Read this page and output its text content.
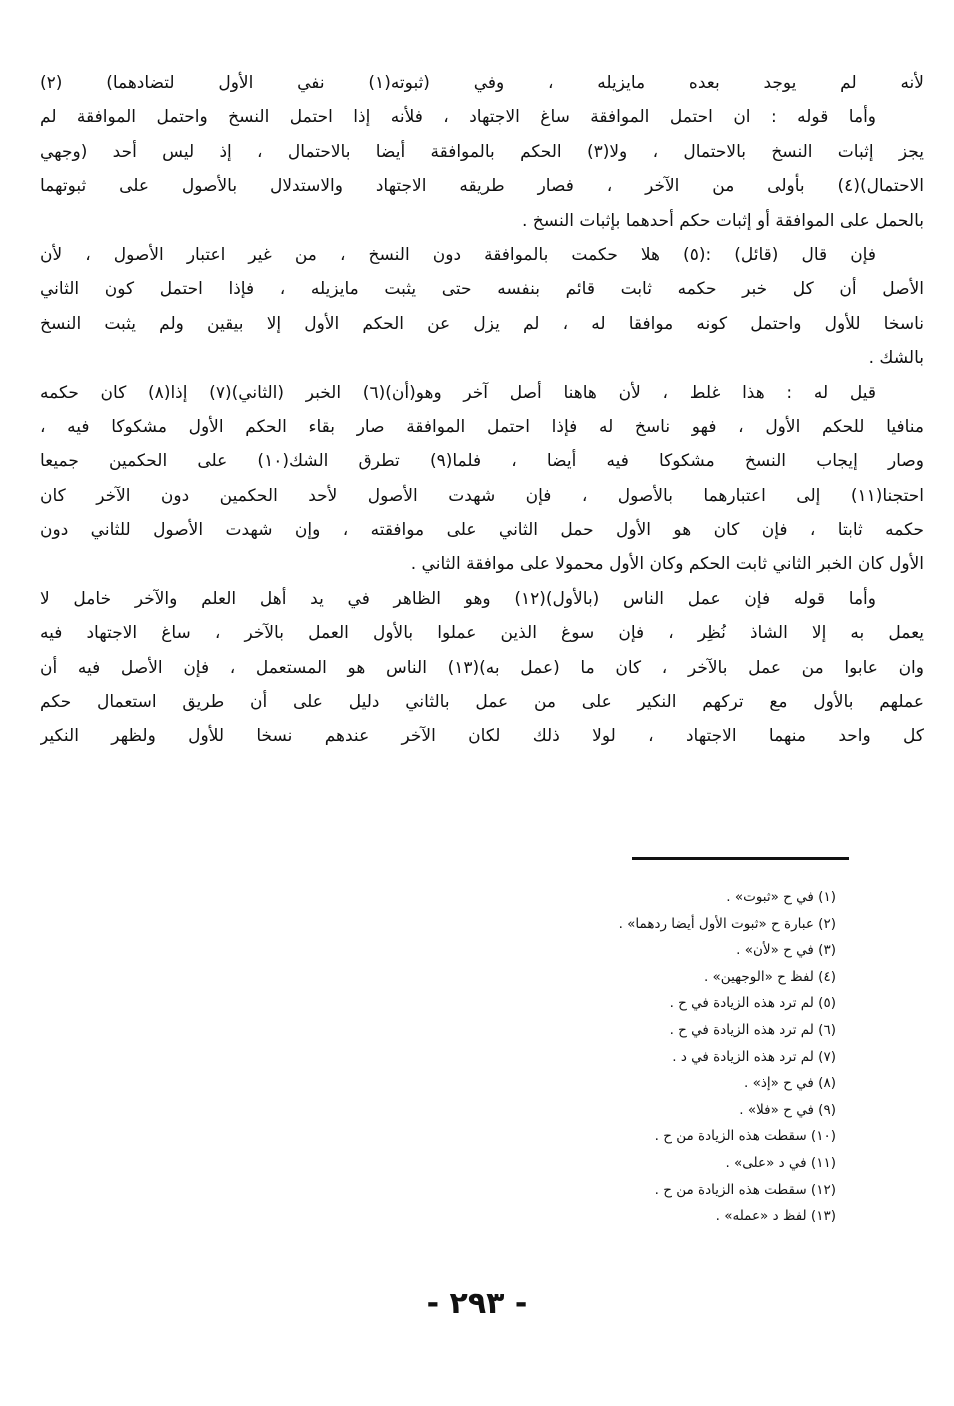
لأنه لم يوجد بعده مايزيله ، وفي (ثبوته(١) نفي الأول لتضادهما) (٢)
وأما قوله : ان احتمل الموافقة ساغ الاجتهاد ، فلأنه إذا احتمل النسخ واحتمل الموافقة لم
يجز إثبات النسخ بالاحتمال ، ولا(٣) الحكم بالموافقة أيضا بالاحتمال ، إذ ليس أحد (وجهي
الاحتمال)(٤) بأولى من الآخر ، فصار طريقه الاجتهاد والاستدلال بالأصول على ثبوتهما
بالحمل على الموافقة أو إثبات حكم أحدهما بإثبات النسخ .
فإن قال (قائل) :(٥) هلا حكمت بالموافقة دون النسخ ، من غير اعتبار الأصول ، لأن
الأصل أن كل خبر حكمه ثابت قائم بنفسه حتى يثبت مايزيله ، فإذا احتمل كون الثاني
ناسخا للأول واحتمل كونه موافقا له ، لم يزل عن الحكم الأول إلا بيقين ولم يثبت النسخ
بالشك .
قيل له : هذا غلط ، لأن هاهنا أصل آخر وهو(أن)(٦) الخبر (الثاني)(٧) إذا(٨) كان حكمه
منافيا للحكم الأول ، فهو ناسخ له فإذا احتمل الموافقة صار بقاء الحكم الأول مشكوكا فيه ،
وصار إيجاب النسخ مشكوكا فيه أيضا ، فلما(٩) تطرق الشك(١٠) على الحكمين جميعا
احتجنا(١١) إلى اعتبارهما بالأصول ، فإن شهدت الأصول لأحد الحكمين دون الآخر كان
حكمه ثابتا ، فإن كان هو الأول حمل الثاني على موافقته ، وإن شهدت الأصول للثاني دون
الأول كان الخبر الثاني ثابت الحكم وكان الأول محمولا على موافقة الثاني .
وأما قوله فإن عمل الناس (بالأول)(١٢) وهو الظاهر في يد أهل العلم والآخر خامل لا
يعمل به إلا الشاذ نُظِر ، فإن سوغ الذين عملوا بالأول العمل بالآخر ، ساغ الاجتهاد فيه
وان عابوا من عمل بالآخر ، كان ما (عمل به)(١٣) الناس هو المستعمل ، فإن الأصل فيه أن
عملهم بالأول مع تركهم النكير على من عمل بالثاني دليل على أن طريق استعمال حكم
كل واحد منهما الاجتهاد ، لولا ذلك لكان الآخر عندهم نسخا للأول ولظهر النكير
(١) في ح «ثبوت» .
(٢) عبارة ح «ثبوت الأول أيضا ردهما» .
(٣) في ح «لأن» .
(٤) لفظ ح «الوجهين» .
(٥) لم ترد هذه الزيادة في ح .
(٦) لم ترد هذه الزيادة في ح .
(٧) لم ترد هذه الزيادة في د .
(٨) في ح «إذ» .
(٩) في ح «فلا» .
(١٠) سقطت هذه الزيادة من ح .
(١١) في د «على» .
(١٢) سقطت هذه الزيادة من ح .
(١٣) لفظ د «عمله» .
- ٢٩٣ -
